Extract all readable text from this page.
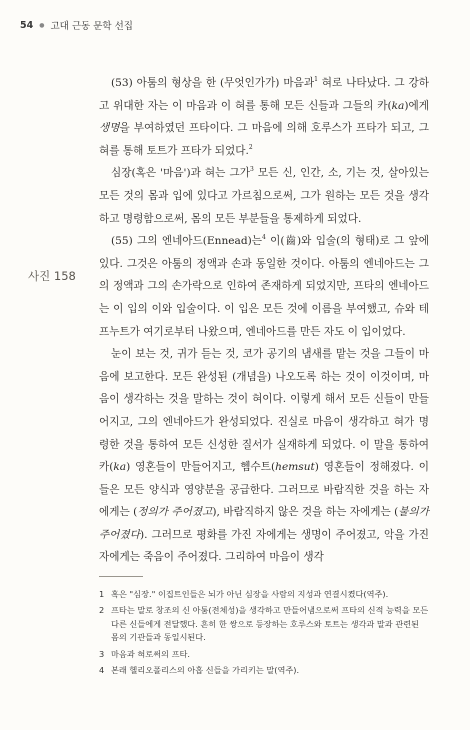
54 ● 고대 근동 문학 선집
사진 158

(53) 아툼의 형상을 한 (무엇인가가) 마음과$^1$ 혀로 나타났다. 그 강하고 위대한 자는 이 마음과 이 혀를 통해 모든 신들과 그들의 카(ka)에게 생명을 부여하였던 프타이다. 그 마음에 의해 호루스가 프타가 되고, 그 혀를 통해 토트가 프타가 되었다.$^2$

심장(혹은 '마음')과 혀는 그가$^3$ 모든 신, 인간, 소, 기는 것, 살아있는 모든 것의 몸과 입에 있다고 가르침으로써, 그가 원하는 모든 것을 생각하고 명령함으로써, 몸의 모든 부분들을 통제하게 되었다.

(55) 그의 엔네아드(Ennead)는$^4$ 이(齒)와 입술(의 형태)로 그 앞에 있다. 그것은 아툼의 정액과 손과 동일한 것이다. 아툼의 엔네아드는 그의 정액과 그의 손가락으로 인하여 존재하게 되었지만, 프타의 엔네아드는 이 입의 이와 입술이다. 이 입은 모든 것에 이름을 부여했고, 슈와 테프누트가 여기로부터 나왔으며, 엔네아드를 만든 자도 이 입이었다.

눈이 보는 것, 귀가 듣는 것, 코가 공기의 냄새를 맡는 것을 그들이 마음에 보고한다. 모든 완성된 (개념을) 나오도록 하는 것이 이것이며, 마음이 생각하는 것을 말하는 것이 혀이다. 이렇게 해서 모든 신들이 만들어지고, 그의 엔네아드가 완성되었다. 진실로 마음이 생각하고 혀가 명령한 것을 통하여 모든 신성한 질서가 실재하게 되었다. 이 말을 통하여 카(ka) 영혼들이 만들어지고, 헴수트(hemsut) 영혼들이 정해졌다. 이들은 모든 양식과 영양분을 공급한다. 그러므로 바람직한 것을 하는 자에게는 (정의가 주어졌고), 바람직하지 않은 것을 하는 자에게는 (불의가 주어졌다). 그러므로 평화를 가진 자에게는 생명이 주어졌고, 악을 가진 자에게는 죽음이 주어졌다. 그리하여 마음이 생각

1 혹은 "심장." 이집트인들은 뇌가 아닌 심장을 사람의 지성과 연결시켰다(역주).
2 프타는 말로 창조의 신 아툼(전체성)을 생각하고 만들어냄으로써 프타의 신적 능력을 모든 다른 신들에게 전달했다. 흔히 한 쌍으로 등장하는 호루스와 토트는 생각과 말과 관련된 몸의 기관들과 동일시된다.
3 마음과 혀로써의 프타.
4 본래 헬리오폴리스의 아홉 신들을 가리키는 말(역주).
